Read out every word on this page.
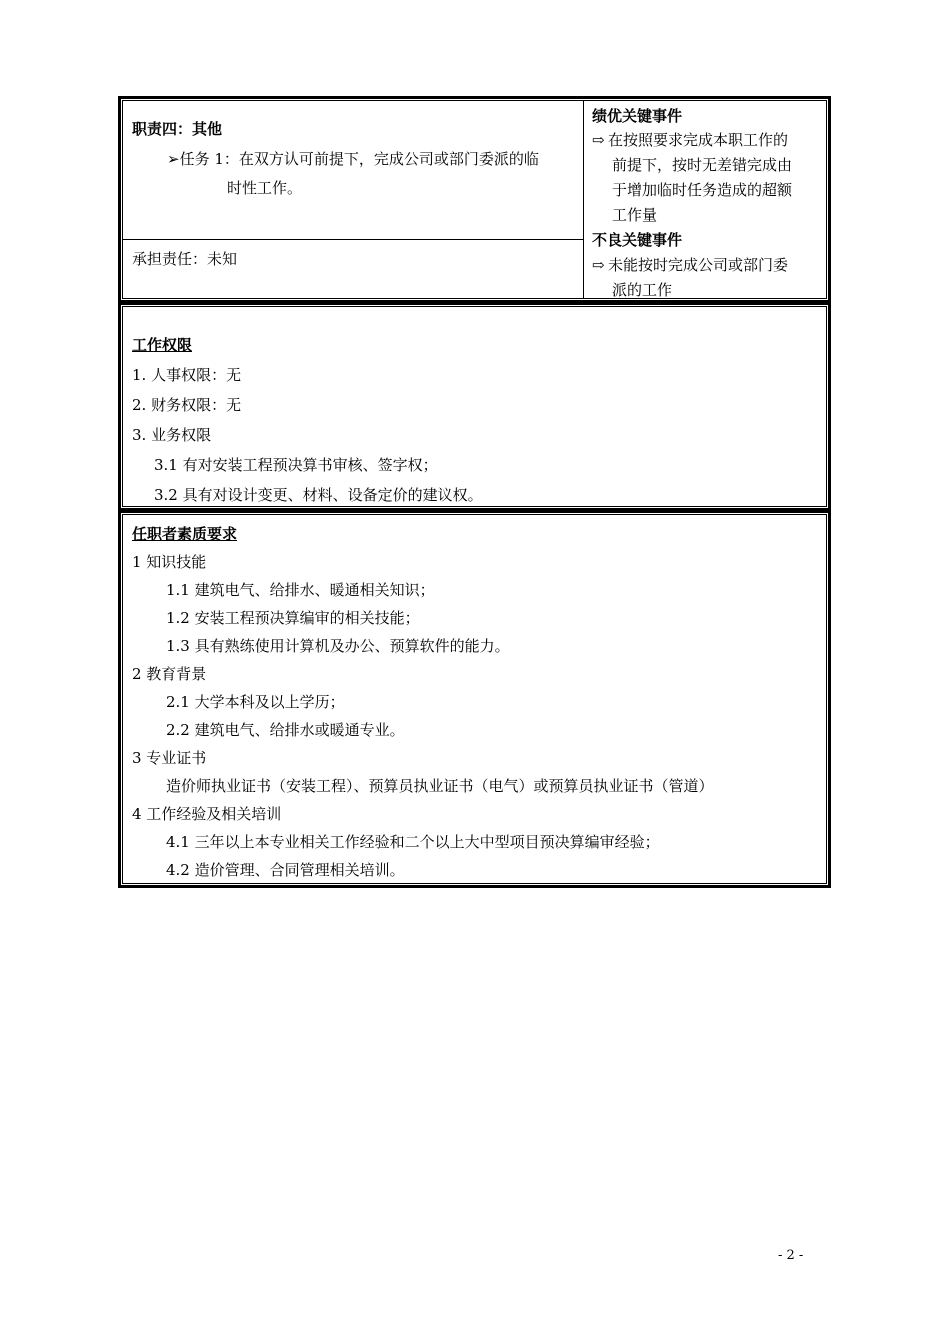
职责四：其他
➢任务 1：在双方认可前提下，完成公司或部门委派的临
时性工作。
承担责任：未知
绩优关键事件
⇨ 在按照要求完成本职工作的
前提下，按时无差错完成由
于增加临时任务造成的超额
工作量
不良关键事件
⇨ 未能按时完成公司或部门委
派的工作
工作权限
1. 人事权限：无
2. 财务权限：无
3. 业务权限
3.1 有对安装工程预决算书审核、签字权；
3.2 具有对设计变更、材料、设备定价的建议权。
任职者素质要求
1 知识技能
1.1 建筑电气、给排水、暖通相关知识；
1.2 安装工程预决算编审的相关技能；
1.3 具有熟练使用计算机及办公、预算软件的能力。
2 教育背景
2.1 大学本科及以上学历；
2.2 建筑电气、给排水或暖通专业。
3 专业证书
造价师执业证书（安装工程）、预算员执业证书（电气）或预算员执业证书（管道）
4 工作经验及相关培训
4.1 三年以上本专业相关工作经验和二个以上大中型项目预决算编审经验；
4.2 造价管理、合同管理相关培训。
- 2 -
